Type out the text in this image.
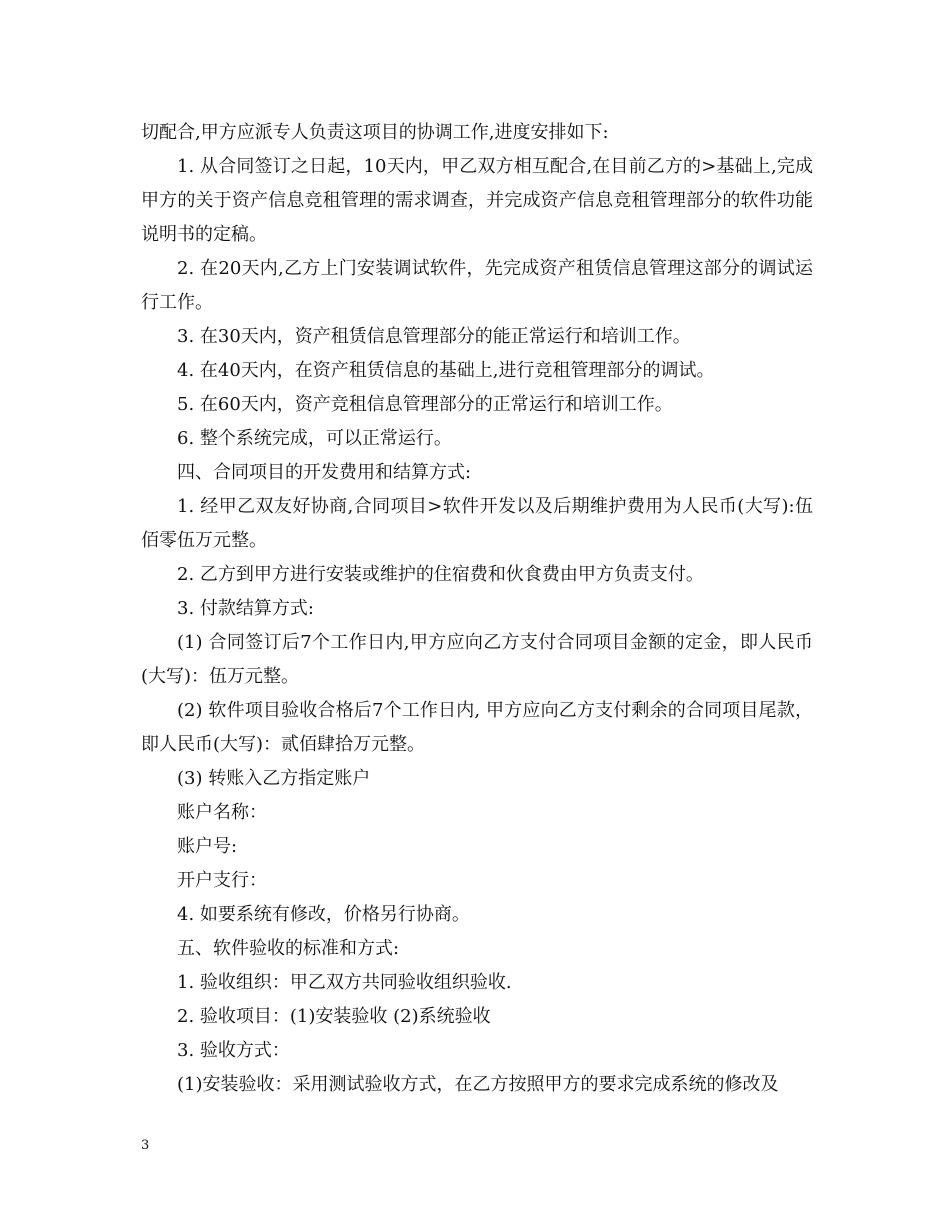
切配合,甲方应派专人负责这项目的协调工作,进度安排如下:

1. 从合同签订之日起，10天内，甲乙双方相互配合,在目前乙方的>基础上,完成甲方的关于资产信息竞租管理的需求调查，并完成资产信息竞租管理部分的软件功能说明书的定稿。

2. 在20天内,乙方上门安装调试软件，先完成资产租赁信息管理这部分的调试运行工作。

3. 在30天内，资产租赁信息管理部分的能正常运行和培训工作。

4. 在40天内，在资产租赁信息的基础上,进行竞租管理部分的调试。

5. 在60天内，资产竞租信息管理部分的正常运行和培训工作。

6. 整个系统完成，可以正常运行。

四、合同项目的开发费用和结算方式:

1. 经甲乙双友好协商,合同项目>软件开发以及后期维护费用为人民币(大写):伍佰零伍万元整。

2. 乙方到甲方进行安装或维护的住宿费和伙食费由甲方负责支付。

3. 付款结算方式:

(1) 合同签订后7个工作日内,甲方应向乙方支付合同项目金额的定金，即人民币(大写)：伍万元整。

(2) 软件项目验收合格后7个工作日内, 甲方应向乙方支付剩余的合同项目尾款，即人民币(大写)：贰佰肆拾万元整。

(3) 转账入乙方指定账户

账户名称：

账户号:

开户支行：

4. 如要系统有修改，价格另行协商。

五、软件验收的标准和方式:

1. 验收组织：甲乙双方共同验收组织验收.

2. 验收项目：(1)安装验收 (2)系统验收

3. 验收方式：

(1)安装验收：采用测试验收方式，在乙方按照甲方的要求完成系统的修改及

3
